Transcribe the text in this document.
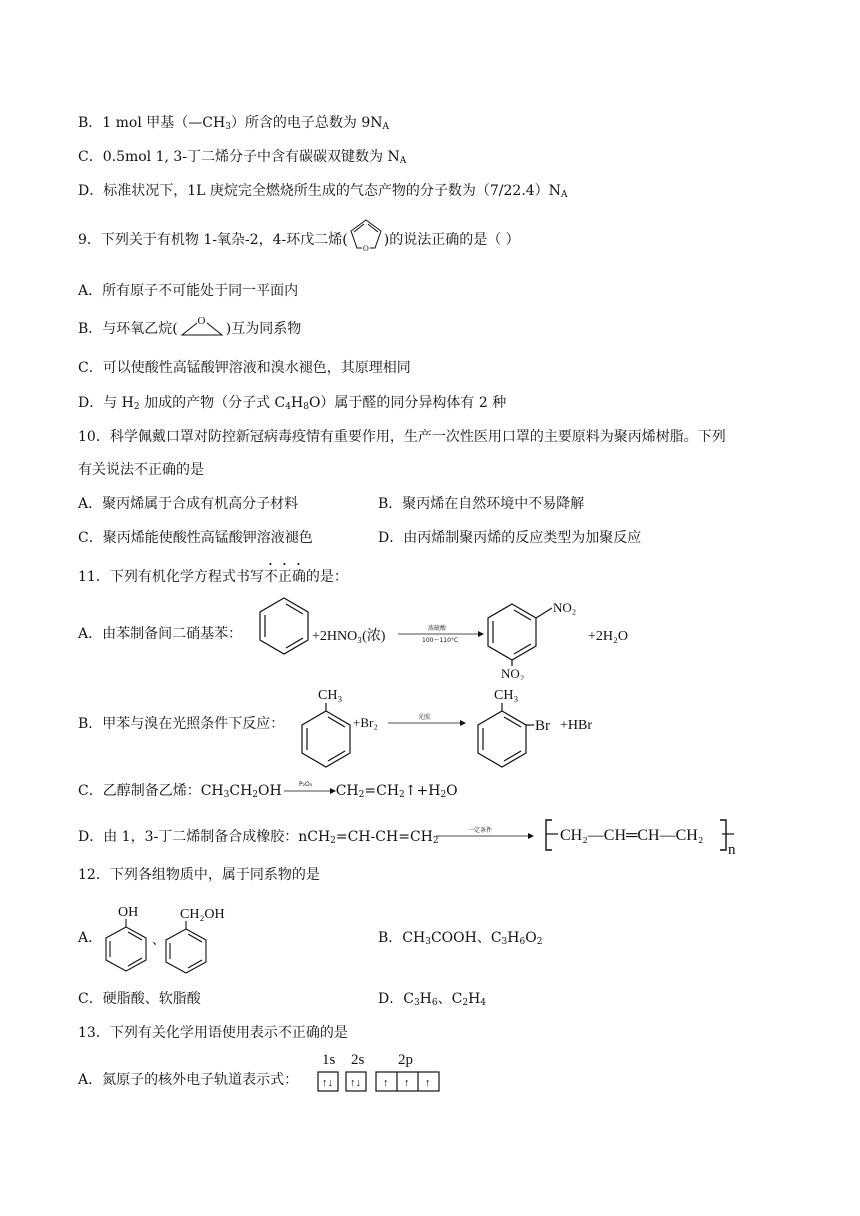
B．1 mol 甲基$(—CH_3)$所含的电子总数为 $9N_A$
C．0.5mol 1, 3-丁二烯分子中含有碳碳双键数为 $N_A$
D．标准状况下，1L 庚烷完全燃烧所生成的气态产物的分子数为$(7/22.4)N_A$
9．下列关于有机物 1-氧杂-2，4-环戊二烯(
O
)的说法正确的是（ ）
A．所有原子不可能处于同一平面内
B．与环氧乙烷( O )互为同系物
C．可以使酸性高锰酸钾溶液和溴水褪色，其原理相同
D．与 $H_2$ 加成的产物（分子式 $C_4H_8O$）属于醛的同分异构体有 2 种
10．科学佩戴口罩对防控新冠病毒疫情有重要作用，生产一次性医用口罩的主要原料为聚丙烯树脂。下列
有关说法不正确的是
A．聚丙烯属于合成有机高分子材料	B．聚丙烯在自然环境中不易降解
C．聚丙烯能使酸性高锰酸钾溶液褪色	D．由丙烯制聚丙烯的反应类型为加聚反应
11．下列有机化学方程式书写不正确的是：
A．由苯制备间二硝基苯：	+2HNO₃(浓)
浓硫酸
100～110°C
NO₂
NO₂
+2H₂O
B．甲苯与溴在光照条件下反应：
CH₃
+Br₂	光照
CH₃
Br +HBr
C．乙醇制备乙烯：$CH_3CH_2OH$	P₂O₅ $CH_2=CH_2↑+H_2O$
D．由 1，3-丁二烯制备合成橡胶：$nCH_2=CH-CH=CH_2$
一定条件	CH₂—CH═CH—CH₂
n
12．下列各组物质中，属于同系物的是
A．
OH
、
CH₂OH
B．$CH_3COOH$、$C_3H_6O_2$
C．硬脂酸、软脂酸	D．$C_3H_6$、$C_2H_4$
13．下列有关化学用语使用表示不正确的是
A．氮原子的核外电子轨道表示式：
1s 2s 2p
↑↓ ↑↓ ↑ ↑ ↑
